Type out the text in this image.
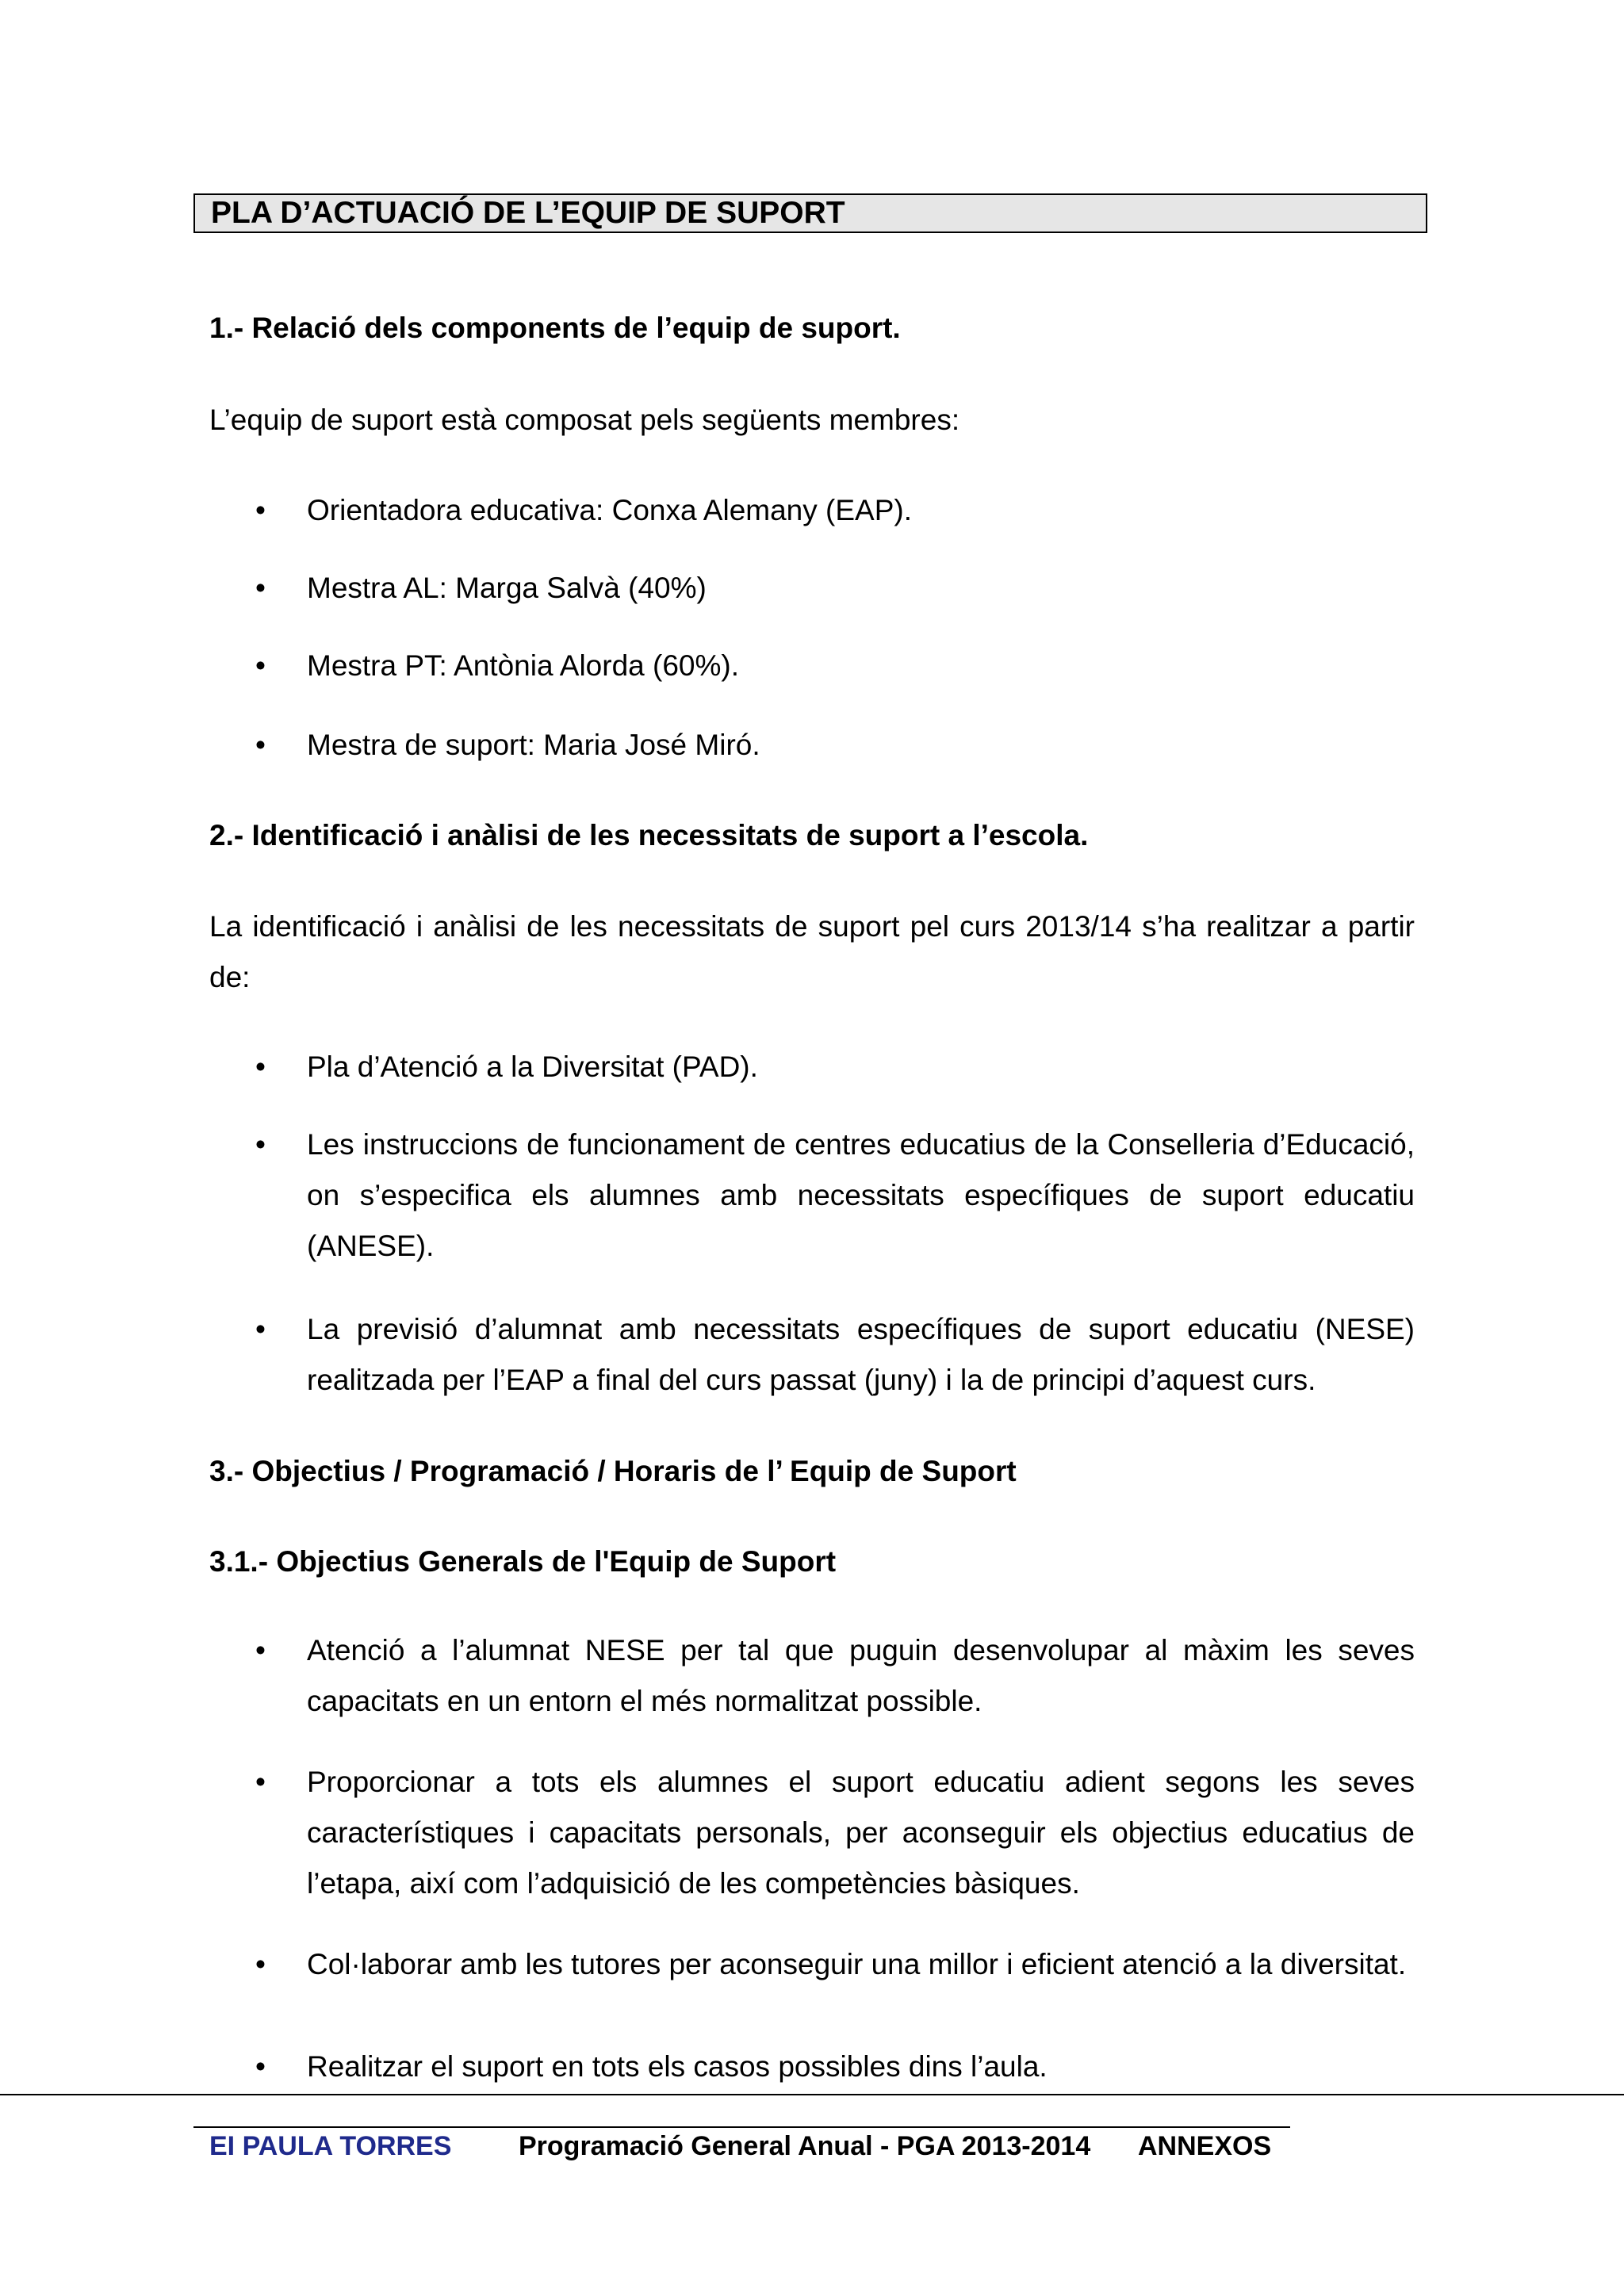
PLA D’ACTUACIÓ DE L’EQUIP DE SUPORT

1.- Relació dels components de l’equip de suport.

L’equip de suport està composat pels següents membres:

• Orientadora educativa: Conxa Alemany (EAP).

• Mestra AL: Marga Salvà (40%)

• Mestra PT: Antònia Alorda (60%).

• Mestra de suport: Maria José Miró.

2.- Identificació i anàlisi de les necessitats de suport a l’escola.

La identificació i anàlisi de les necessitats de suport pel curs 2013/14 s’ha realitzar a partir de:

• Pla d’Atenció a la Diversitat (PAD).

• Les instruccions de funcionament de centres educatius de la Conselleria d’Educació, on s’especifica els alumnes amb necessitats específiques de suport educatiu (ANESE).

• La previsió d’alumnat amb necessitats específiques de suport educatiu (NESE) realitzada per l’EAP a final del curs passat (juny) i la de principi d’aquest curs.

3.- Objectius / Programació / Horaris de l’ Equip de Suport

3.1.- Objectius Generals de l'Equip de Suport

• Atenció a l’alumnat NESE per tal que puguin desenvolupar al màxim les seves capacitats en un entorn el més normalitzat possible.

• Proporcionar a tots els alumnes el suport educatiu adient segons les seves característiques i capacitats personals, per aconseguir els objectius educatius de l’etapa, així com l’adquisició de les competències bàsiques.

• Col·laborar amb les tutores per aconseguir una millor i eficient atenció a la diversitat.

• Realitzar el suport en tots els casos possibles dins l’aula.

EI PAULA TORRES Programació General Anual - PGA 2013-2014 ANNEXOS
